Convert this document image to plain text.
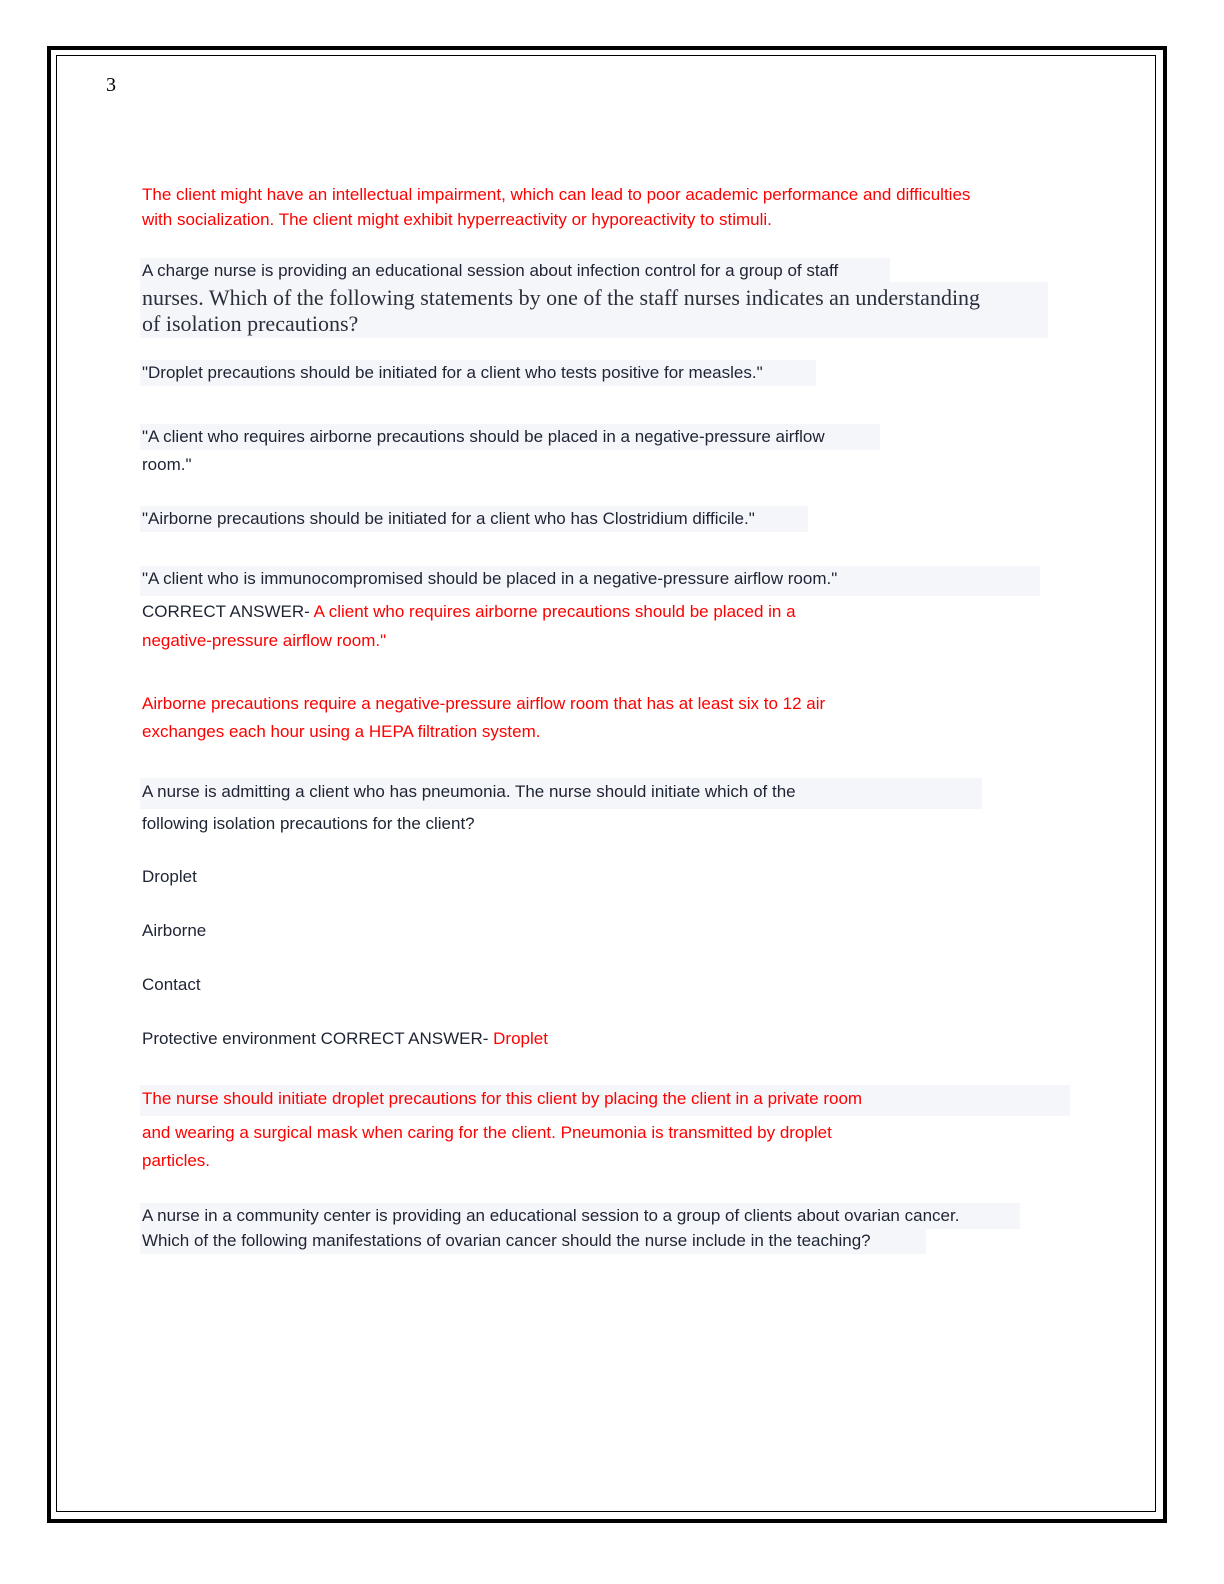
3
The client might have an intellectual impairment, which can lead to poor academic performance and difficulties
with socialization. The client might exhibit hyperreactivity or hyporeactivity to stimuli.
A charge nurse is providing an educational session about infection control for a group of staff
nurses. Which of the following statements by one of the staff nurses indicates an understanding
of isolation precautions?
"Droplet precautions should be initiated for a client who tests positive for measles."
"A client who requires airborne precautions should be placed in a negative-pressure airflow
room."
"Airborne precautions should be initiated for a client who has Clostridium difficile."
"A client who is immunocompromised should be placed in a negative-pressure airflow room."
CORRECT ANSWER- A client who requires airborne precautions should be placed in a
negative-pressure airflow room."
Airborne precautions require a negative-pressure airflow room that has at least six to 12 air
exchanges each hour using a HEPA filtration system.
A nurse is admitting a client who has pneumonia. The nurse should initiate which of the
following isolation precautions for the client?
Droplet
Airborne
Contact
Protective environment CORRECT ANSWER- Droplet
The nurse should initiate droplet precautions for this client by placing the client in a private room
and wearing a surgical mask when caring for the client. Pneumonia is transmitted by droplet
particles.
A nurse in a community center is providing an educational session to a group of clients about ovarian cancer.
Which of the following manifestations of ovarian cancer should the nurse include in the teaching?
